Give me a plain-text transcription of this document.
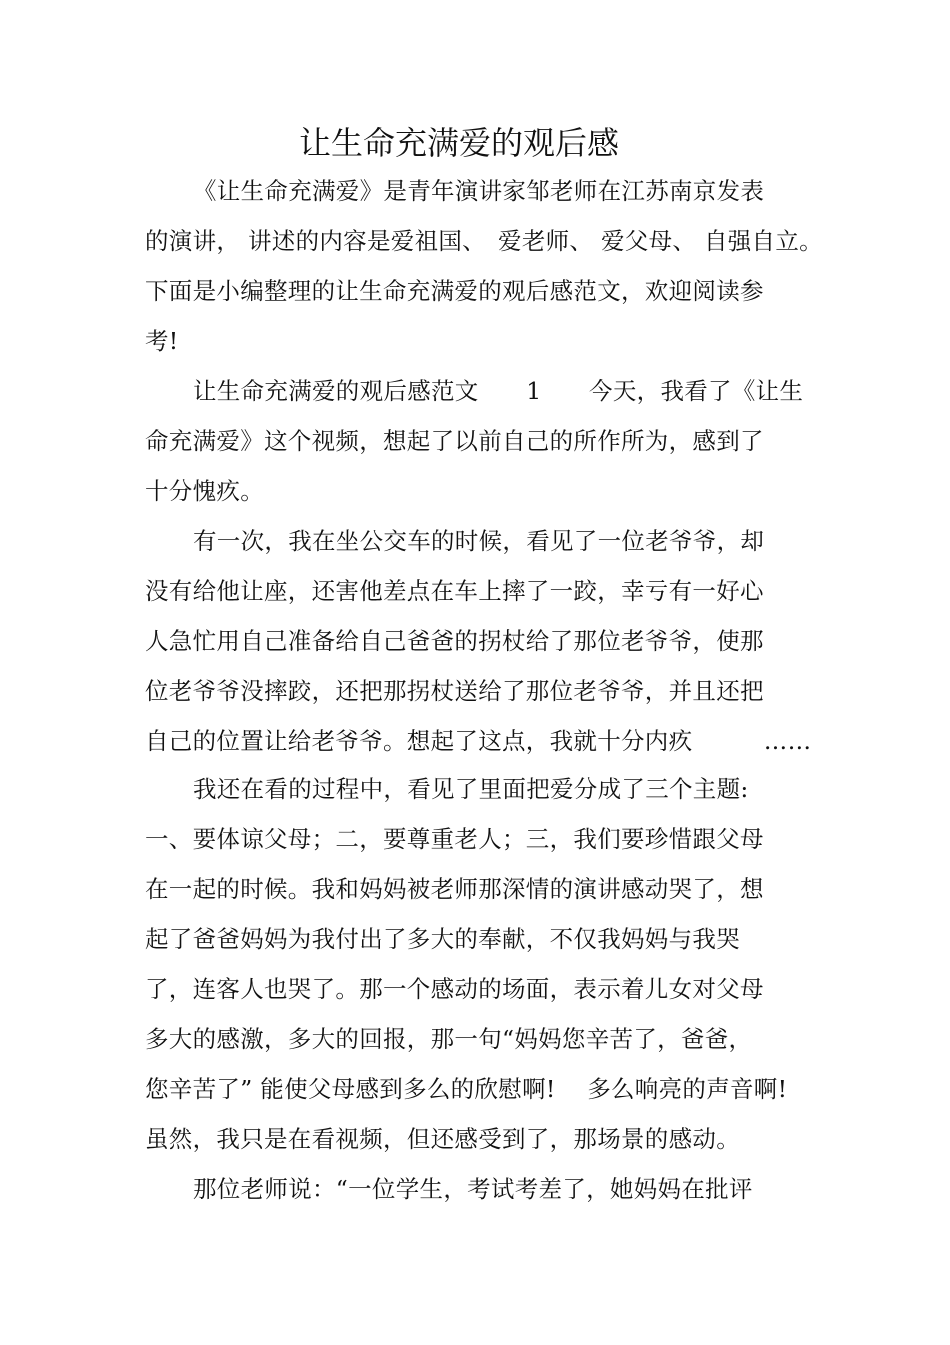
让生命充满爱的观后感
《让生命充满爱》是青年演讲家邹老师在江苏南京发表
的演讲， 讲述的内容是爱祖国、　爱老师、 爱父母、 自强自立。
下面是小编整理的让生命充满爱的观后感范文，欢迎阅读参
考!
让生命充满爱的观后感范文　　1　　今天，我看了《让生
命充满爱》这个视频，想起了以前自己的所作所为，感到了
十分愧疚。
有一次，我在坐公交车的时候，看见了一位老爷爷，却
没有给他让座，还害他差点在车上摔了一跤，幸亏有一好心
人急忙用自己准备给自己爸爸的拐杖给了那位老爷爷，使那
位老爷爷没摔跤，还把那拐杖送给了那位老爷爷，并且还把
自己的位置让给老爷爷。想起了这点，我就十分内疚　　　……
我还在看的过程中，看见了里面把爱分成了三个主题:
一、要体谅父母；二，要尊重老人；三，我们要珍惜跟父母
在一起的时候。我和妈妈被老师那深情的演讲感动哭了，想
起了爸爸妈妈为我付出了多大的奉献，不仅我妈妈与我哭
了，连客人也哭了。那一个感动的场面，表示着儿女对父母
多大的感激，多大的回报，那一句“妈妈您辛苦了，爸爸，
您辛苦了” 能使父母感到多么的欣慰啊!　 多么响亮的声音啊!
虽然，我只是在看视频，但还感受到了，那场景的感动。
那位老师说：“一位学生，考试考差了，她妈妈在批评
